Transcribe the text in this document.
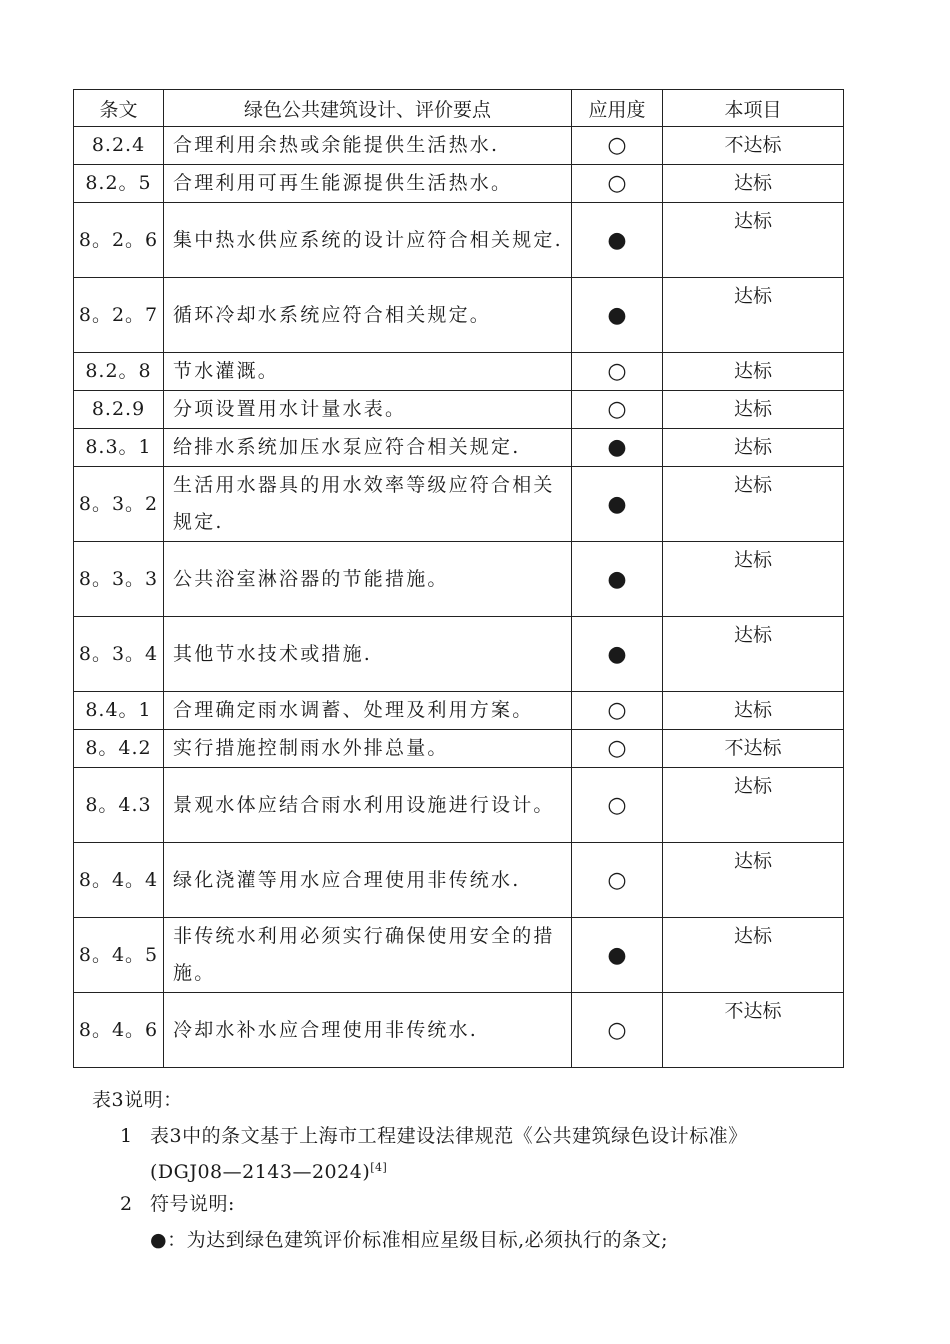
条文	绿色公共建筑设计、评价要点	应用度	本项目
8.2.4	合理利用余热或余能提供生活热水.	○	不达标
8.2。5	合理利用可再生能源提供生活热水。	○	达标
8。2。6	集中热水供应系统的设计应符合相关规定.	●	达标
8。2。7	循环冷却水系统应符合相关规定。	●	达标
8.2。8	节水灌溉。	○	达标
8.2.9	分项设置用水计量水表。	○	达标
8.3。1	给排水系统加压水泵应符合相关规定.	●	达标
8。3。2	生活用水器具的用水效率等级应符合相关规定.	●	达标
8。3。3	公共浴室淋浴器的节能措施。	●	达标
8。3。4	其他节水技术或措施.	●	达标
8.4。1	合理确定雨水调蓄、处理及利用方案。	○	达标
8。4.2	实行措施控制雨水外排总量。	○	不达标
8。4.3	景观水体应结合雨水利用设施进行设计。	○	达标
8。4。4	绿化浇灌等用水应合理使用非传统水.	○	达标
8。4。5	非传统水利用必须实行确保使用安全的措施。	●	达标
8。4。6	冷却水补水应合理使用非传统水.	○	不达标
表3说明：
1 表3中的条文基于上海市工程建设法律规范《公共建筑绿色设计标准》
(DGJ08—2143—2024)[4]
2 符号说明:
●：为达到绿色建筑评价标准相应星级目标,必须执行的条文;
